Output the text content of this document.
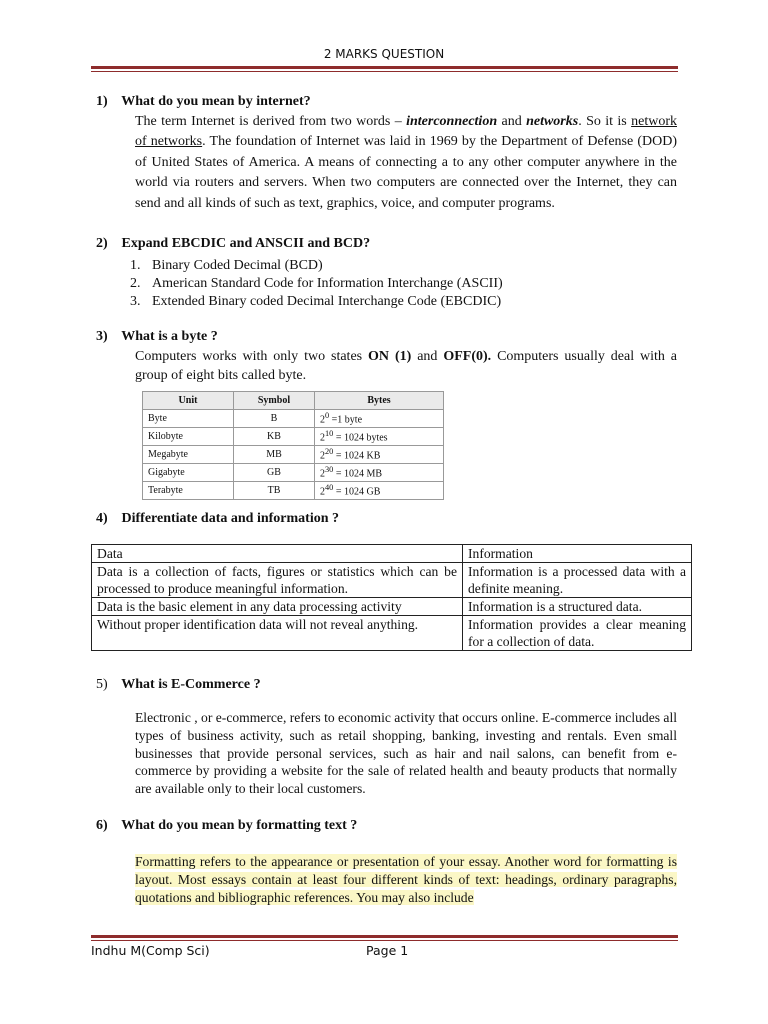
2 MARKS QUESTION
1) What do you mean by internet?
The term Internet is derived from two words – interconnection and networks. So it is network of networks. The foundation of Internet was laid in 1969 by the Department of Defense (DOD) of United States of America. A means of connecting a to any other computer anywhere in the world via routers and servers. When two computers are connected over the Internet, they can send and all kinds of such as text, graphics, voice, and computer programs.
2) Expand EBCDIC and ANSCII and BCD?
1. Binary Coded Decimal (BCD)
2. American Standard Code for Information Interchange (ASCII)
3. Extended Binary coded Decimal Interchange Code (EBCDIC)
3) What is a byte ?
Computers works with only two states ON (1) and OFF(0). Computers usually deal with a group of eight bits called byte.
Unit	Symbol	Bytes
Byte	B	$2^0 =1$ byte
Kilobyte	KB	$2^{10} = 1024$ bytes
Megabyte	MB	$2^{20} = 1024$ KB
Gigabyte	GB	$2^{30} = 1024$ MB
Terabyte	TB	$2^{40} = 1024$ GB
4) Differentiate data and information ?
Data	Information
Data is a collection of facts, figures or statistics which can be processed to produce meaningful information.	Information is a processed data with a definite meaning.
Data is the basic element in any data processing activity	Information is a structured data.
Without proper identification data will not reveal anything.	Information provides a clear meaning for a collection of data.
5) What is E-Commerce ?
Electronic , or e-commerce, refers to economic activity that occurs online. E-commerce includes all types of business activity, such as retail shopping, banking, investing and rentals. Even small businesses that provide personal services, such as hair and nail salons, can benefit from e-commerce by providing a website for the sale of related health and beauty products that normally are available only to their local customers.
6) What do you mean by formatting text ?
Formatting refers to the appearance or presentation of your essay. Another word for formatting is layout. Most essays contain at least four different kinds of text: headings, ordinary paragraphs, quotations and bibliographic references. You may also include
Indhu M(Comp Sci)	Page 1
